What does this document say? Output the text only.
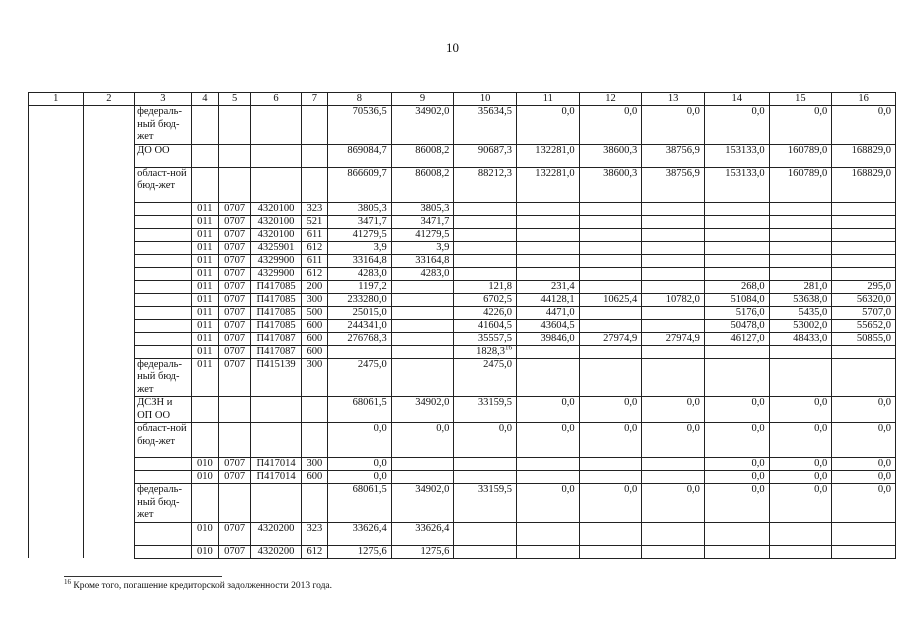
10
1	2	3	4	5	6	7	8	9	10	11	12	13	14	15	16
		федераль-ный бюд-жет					70536,5	34902,0	35634,5	0,0	0,0	0,0	0,0	0,0	0,0
		ДО ОО					869084,7	86008,2	90687,3	132281,0	38600,3	38756,9	153133,0	160789,0	168829,0
		област-ной бюд-жет					866609,7	86008,2	88212,3	132281,0	38600,3	38756,9	153133,0	160789,0	168829,0
			011	0707	4320100	323	3805,3	3805,3							
			011	0707	4320100	521	3471,7	3471,7							
			011	0707	4320100	611	41279,5	41279,5							
			011	0707	4325901	612	3,9	3,9							
			011	0707	4329900	611	33164,8	33164,8							
			011	0707	4329900	612	4283,0	4283,0							
			011	0707	П417085	200	1197,2		121,8	231,4			268,0	281,0	295,0
			011	0707	П417085	300	233280,0		6702,5	44128,1	10625,4	10782,0	51084,0	53638,0	56320,0
			011	0707	П417085	500	25015,0		4226,0	4471,0			5176,0	5435,0	5707,0
			011	0707	П417085	600	244341,0		41604,5	43604,5			50478,0	53002,0	55652,0
			011	0707	П417087	600	276768,3		35557,5	39846,0	27974,9	27974,9	46127,0	48433,0	50855,0
			011	0707	П417087	600			1828,3$^{16}$						
		федераль-ный бюд-жет	011	0707	П415139	300	2475,0		2475,0						
		ДСЗН и ОП ОО					68061,5	34902,0	33159,5	0,0	0,0	0,0	0,0	0,0	0,0
		област-ной бюд-жет					0,0	0,0	0,0	0,0	0,0	0,0	0,0	0,0	0,0
			010	0707	П417014	300	0,0						0,0	0,0	0,0
			010	0707	П417014	600	0,0						0,0	0,0	0,0
		федераль-ный бюд-жет					68061,5	34902,0	33159,5	0,0	0,0	0,0	0,0	0,0	0,0
			010	0707	4320200	323	33626,4	33626,4							
			010	0707	4320200	612	1275,6	1275,6							
$^{16}$ Кроме того, погашение кредиторской задолженности 2013 года.
